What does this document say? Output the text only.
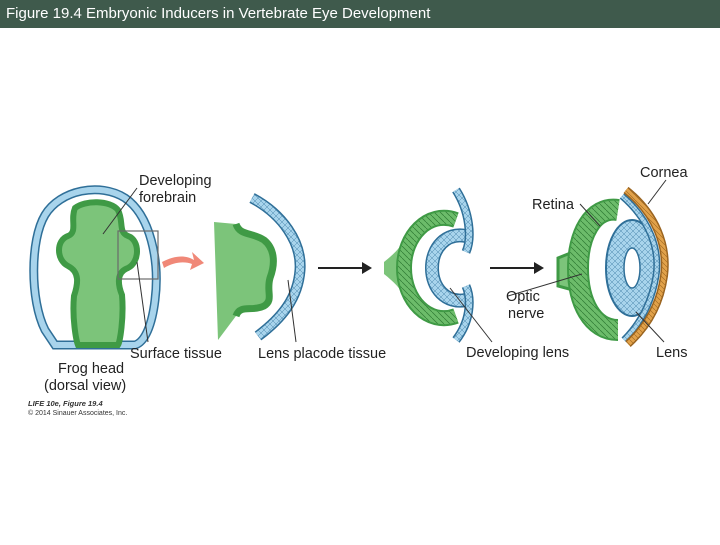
Figure 19.4 Embryonic Inducers in Vertebrate Eye Development
Developing
forebrain
Frog head
(dorsal view)
Surface tissue Lens placode tissue	Developing lens
Optic
nerve
Retina
Cornea
Lens
LIFE 10e, Figure 19.4
© 2014 Sinauer Associates, Inc.
